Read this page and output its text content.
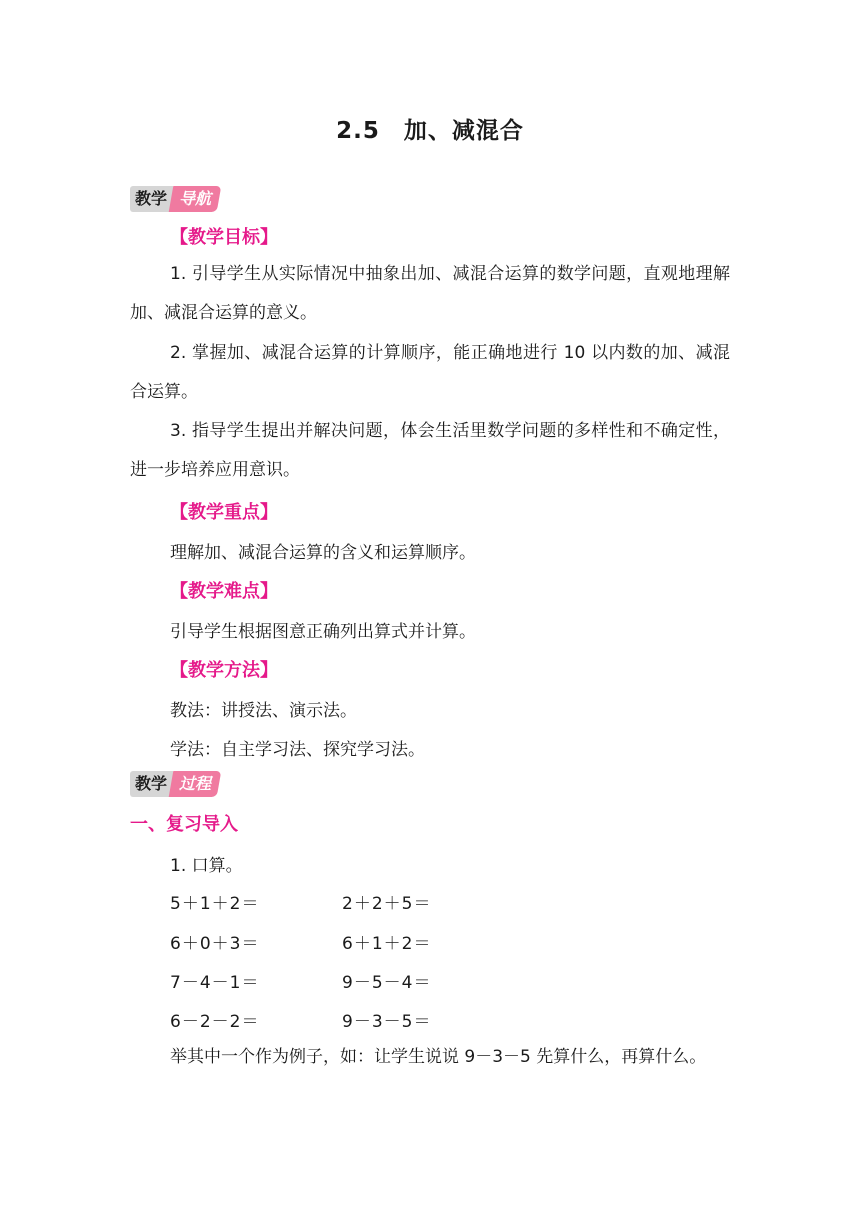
2.5　加、减混合
教学 导航
【教学目标】
1. 引导学生从实际情况中抽象出加、减混合运算的数学问题，直观地理解加、减混合运算的意义。
2. 掌握加、减混合运算的计算顺序，能正确地进行 10 以内数的加、减混合运算。
3. 指导学生提出并解决问题，体会生活里数学问题的多样性和不确定性，进一步培养应用意识。
【教学重点】
理解加、减混合运算的含义和运算顺序。
【教学难点】
引导学生根据图意正确列出算式并计算。
【教学方法】
教法：讲授法、演示法。
学法：自主学习法、探究学习法。
教学 过程
一、复习导入
1. 口算。
5＋1＋2＝	2＋2＋5＝
6＋0＋3＝	6＋1＋2＝
7－4－1＝	9－5－4＝
6－2－2＝	9－3－5＝
举其中一个作为例子，如：让学生说说 9－3－5 先算什么，再算什么。
